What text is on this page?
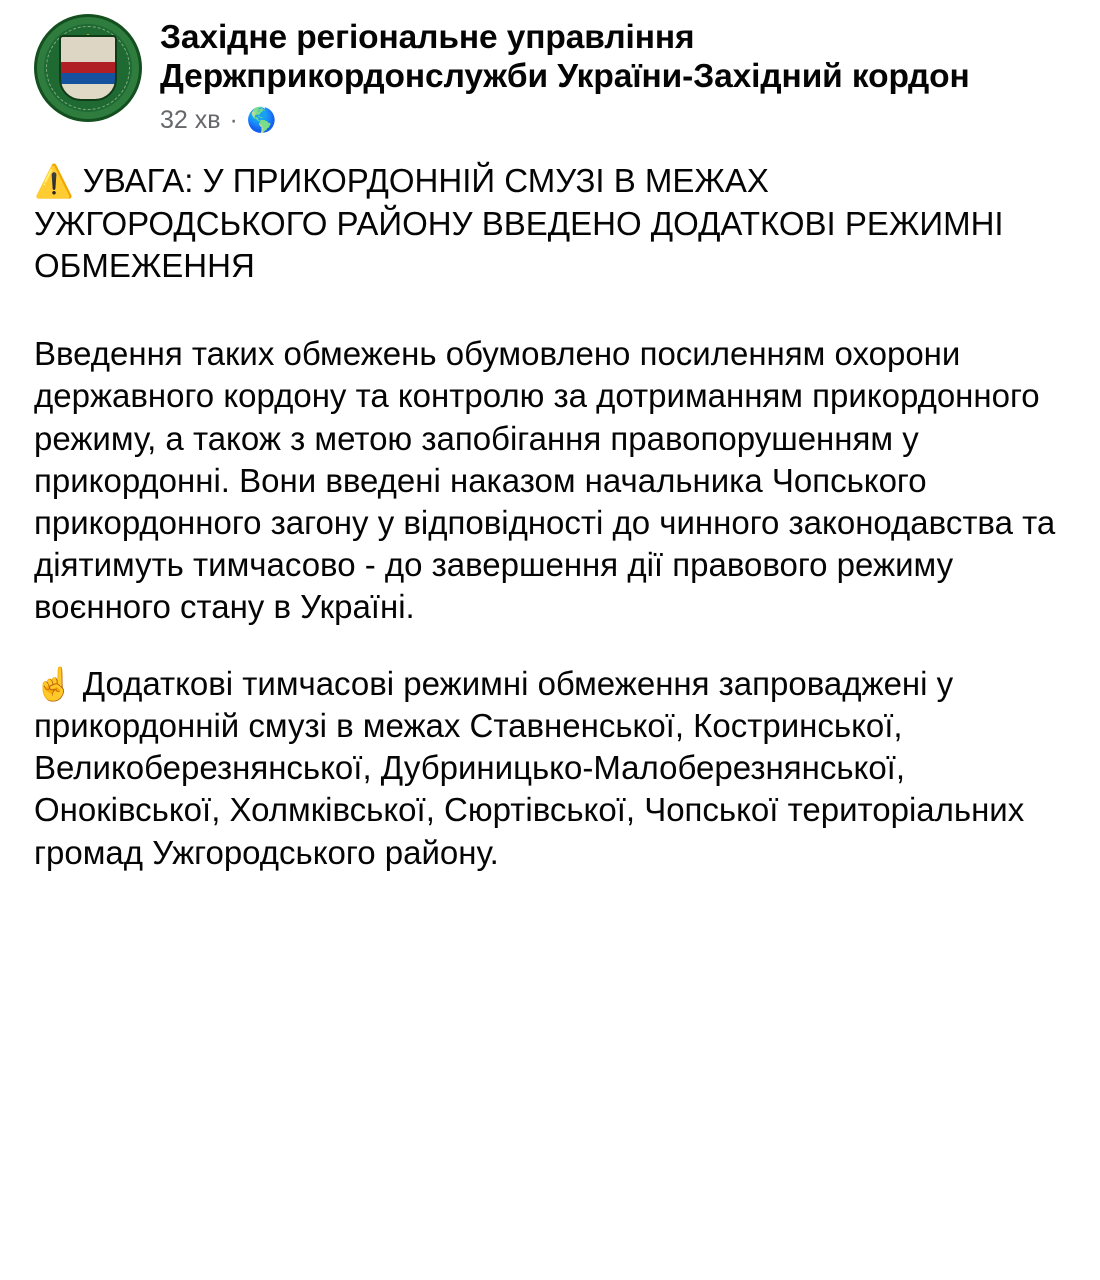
Західне регіональне управління Держприкордонслужби України-Західний кордон
32 хв · 🌎

⚠️ УВАГА: У ПРИКОРДОННІЙ СМУЗІ В МЕЖАХ УЖГОРОДСЬКОГО РАЙОНУ ВВЕДЕНО ДОДАТКОВІ РЕЖИМНІ ОБМЕЖЕННЯ

Введення таких обмежень обумовлено посиленням охорони державного кордону та контролю за дотриманням прикордонного режиму, а також з метою запобігання правопорушенням у прикордонні. Вони введені наказом начальника Чопського прикордонного загону у відповідності до чинного законодавства та діятимуть тимчасово - до завершення дії правового режиму воєнного стану в Україні.

☝️ Додаткові тимчасові режимні обмеження запроваджені у прикордонній смузі в межах Ставненської, Костринської, Великоберезнянської, Дубриницько-Малоберезнянської, Оноківської, Холмківської, Сюртівської, Чопської територіальних громад Ужгородського району.
